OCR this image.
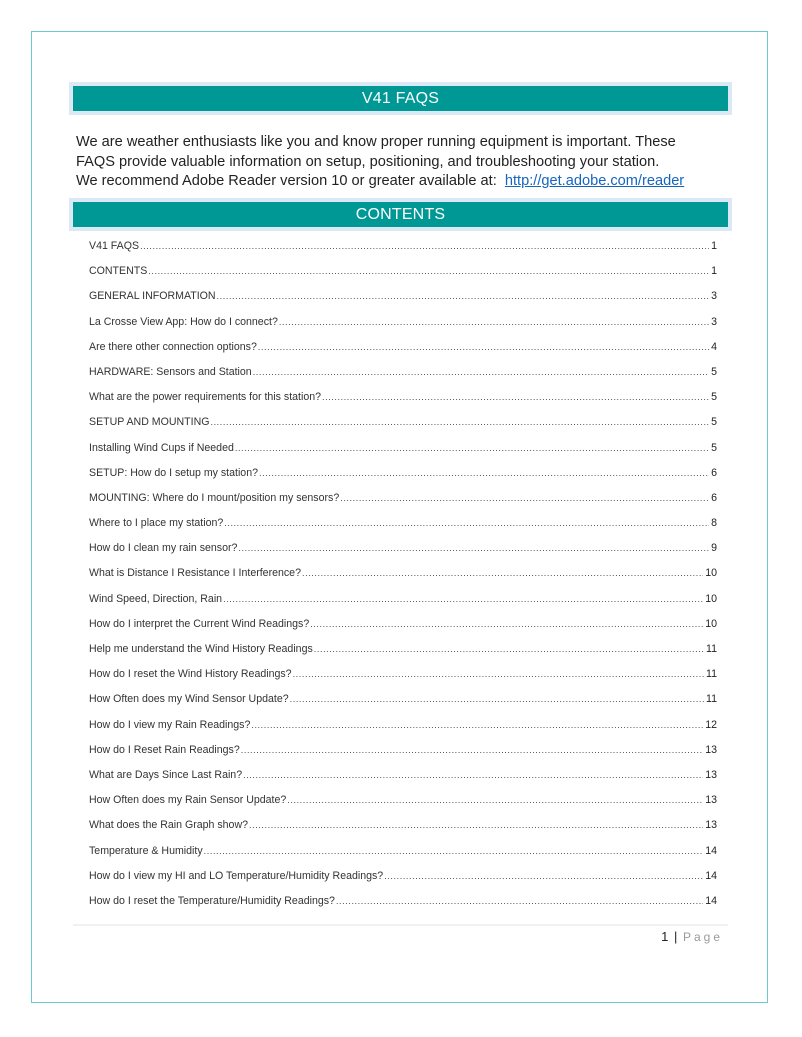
V41 FAQS

We are weather enthusiasts like you and know proper running equipment is important. These

FAQS provide valuable information on setup, positioning, and troubleshooting your station.

We recommend Adobe Reader version 10 or greater available at: http://get.adobe.com/reader

CONTENTS
V41 FAQS .....	1
CONTENTS .....	1
GENERAL INFORMATION .....	3
La Crosse View App: How do I connect? .....	3
Are there other connection options? .....	4
HARDWARE: Sensors and Station .....	5
What are the power requirements for this station? .....	5
SETUP AND MOUNTING .....	5
Installing Wind Cups if Needed .....	5
SETUP: How do I setup my station? .....	6
MOUNTING: Where do I mount/position my sensors? .....	6
Where to I place my station? .....	8
How do I clean my rain sensor? .....	9
What is Distance I Resistance I Interference? .....	10
Wind Speed, Direction, Rain .....	10
How do I interpret the Current Wind Readings? .....	10
Help me understand the Wind History Readings .....	11
How do I reset the Wind History Readings? .....	11
How Often does my Wind Sensor Update? .....	11
How do I view my Rain Readings? .....	12
How do I Reset Rain Readings? .....	13
What are Days Since Last Rain? .....	13
How Often does my Rain Sensor Update? .....	13
What does the Rain Graph show? .....	13
Temperature & Humidity .....	14
How do I view my HI and LO Temperature/Humidity Readings? .....	14
How do I reset the Temperature/Humidity Readings? .....	14
1 | Page
